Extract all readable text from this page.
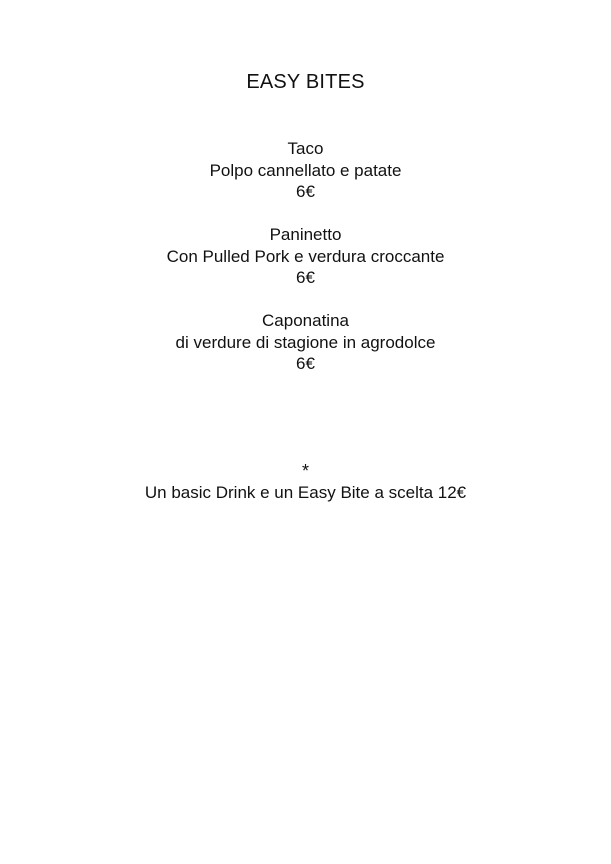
EASY BITES
Taco
Polpo cannellato e patate
6€
Paninetto
Con Pulled Pork e verdura croccante
6€
Caponatina
di verdure di stagione in agrodolce
6€
*
Un basic Drink e un Easy Bite a scelta 12€
